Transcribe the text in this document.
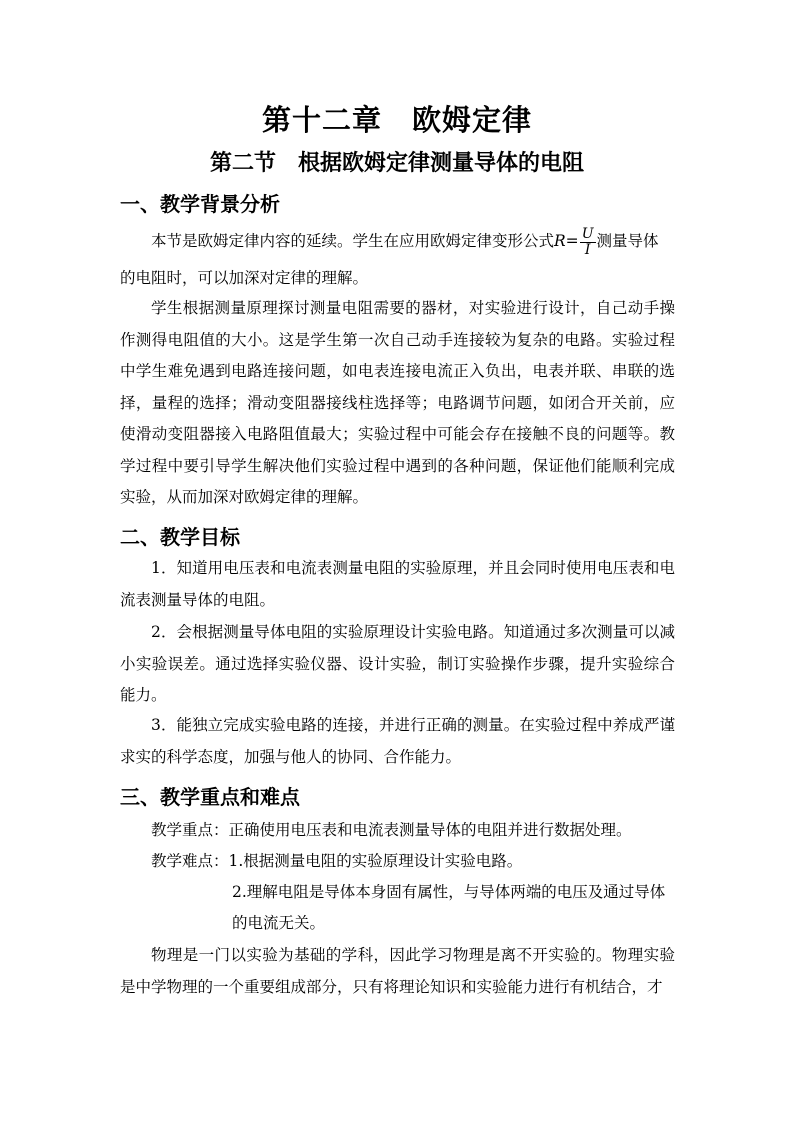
第十二章　欧姆定律
第二节　根据欧姆定律测量导体的电阻
一、教学背景分析
本节是欧姆定律内容的延续。学生在应用欧姆定律变形公式$R= \frac{U}{I}$ 测量导体
的电阻时，可以加深对定律的理解。
学生根据测量原理探讨测量电阻需要的器材，对实验进行设计，自己动手操作测得电阻值的大小。这是学生第一次自己动手连接较为复杂的电路。实验过程中学生难免遇到电路连接问题，如电表连接电流正入负出，电表并联、串联的选择，量程的选择；滑动变阻器接线柱选择等；电路调节问题，如闭合开关前，应使滑动变阻器接入电路阻值最大；实验过程中可能会存在接触不良的问题等。教学过程中要引导学生解决他们实验过程中遇到的各种问题，保证他们能顺利完成实验，从而加深对欧姆定律的理解。
二、教学目标
1．知道用电压表和电流表测量电阻的实验原理，并且会同时使用电压表和电流表测量导体的电阻。
2．会根据测量导体电阻的实验原理设计实验电路。知道通过多次测量可以减小实验误差。通过选择实验仪器、设计实验，制订实验操作步骤，提升实验综合能力。
3．能独立完成实验电路的连接，并进行正确的测量。在实验过程中养成严谨求实的科学态度，加强与他人的协同、合作能力。
三、教学重点和难点
教学重点：正确使用电压表和电流表测量导体的电阻并进行数据处理。
教学难点：1.根据测量电阻的实验原理设计实验电路。
2.理解电阻是导体本身固有属性，与导体两端的电压及通过导体
的电流无关。
物理是一门以实验为基础的学科，因此学习物理是离不开实验的。物理实验是中学物理的一个重要组成部分，只有将理论知识和实验能力进行有机结合，才
